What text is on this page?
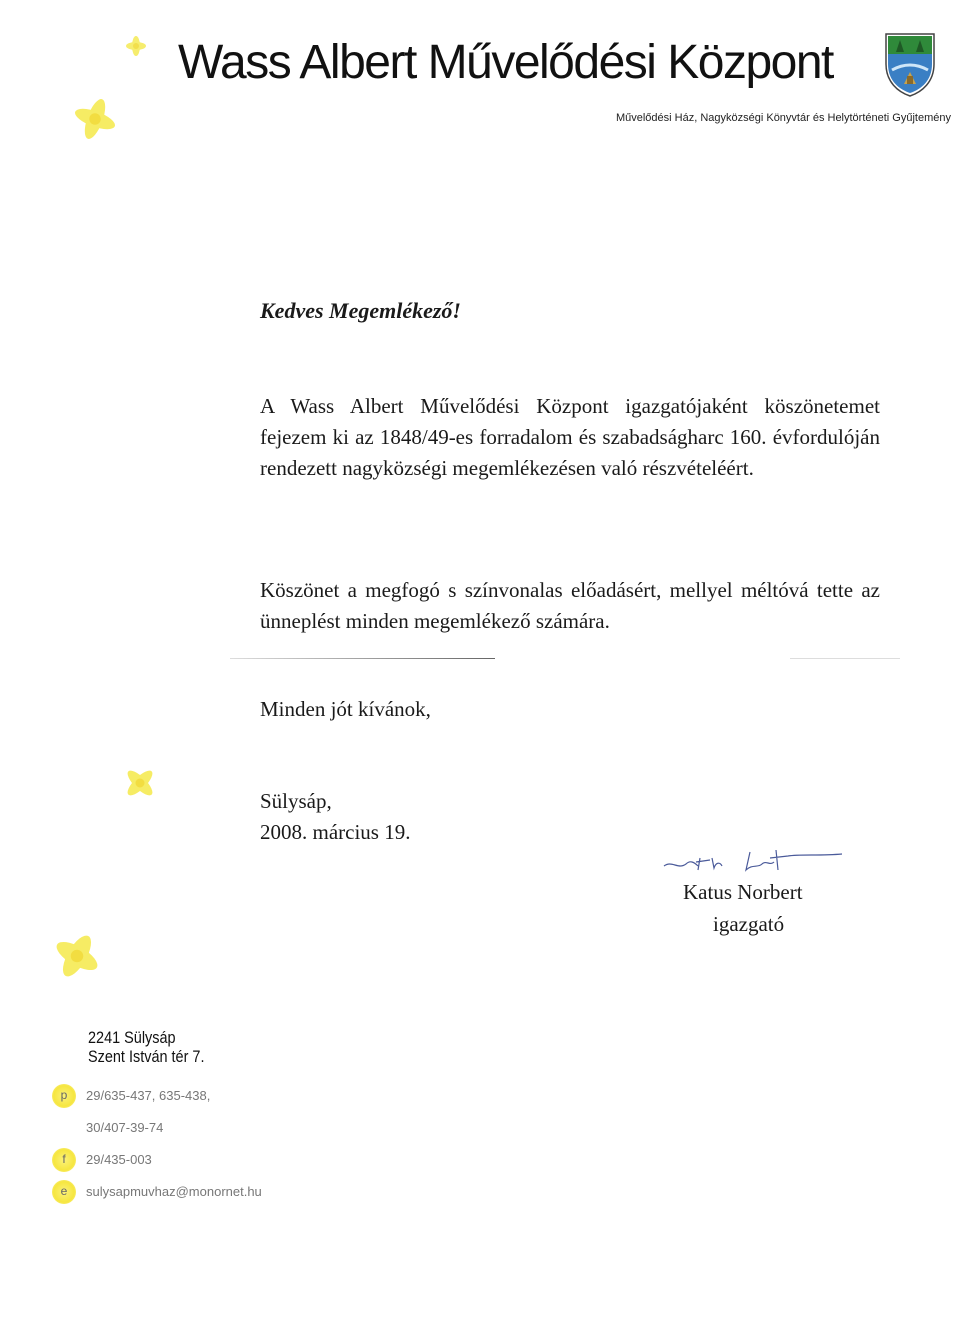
Wass Albert Művelődési Központ
Művelődési Ház, Nagyközségi Könyvtár és Helytörténeti Gyűjtemény
Kedves Megemlékező!
A Wass Albert Művelődési Központ igazgatójaként köszönetemet fejezem ki az 1848/49-es forradalom és szabadságharc 160. évfordulóján rendezett nagyközségi megemlékezésen való részvételéért.
Köszönet a megfogó s színvonalas előadásért, mellyel méltóvá tette az ünneplést minden megemlékező számára.
Minden jót kívánok,
Sülysáp,
2008. március 19.
Katus Norbert
igazgató
2241 Sülysáp
Szent István tér 7.
p 29/635-437, 635-438,
30/407-39-74
f 29/435-003
e sulysapmuvhaz@monornet.hu
